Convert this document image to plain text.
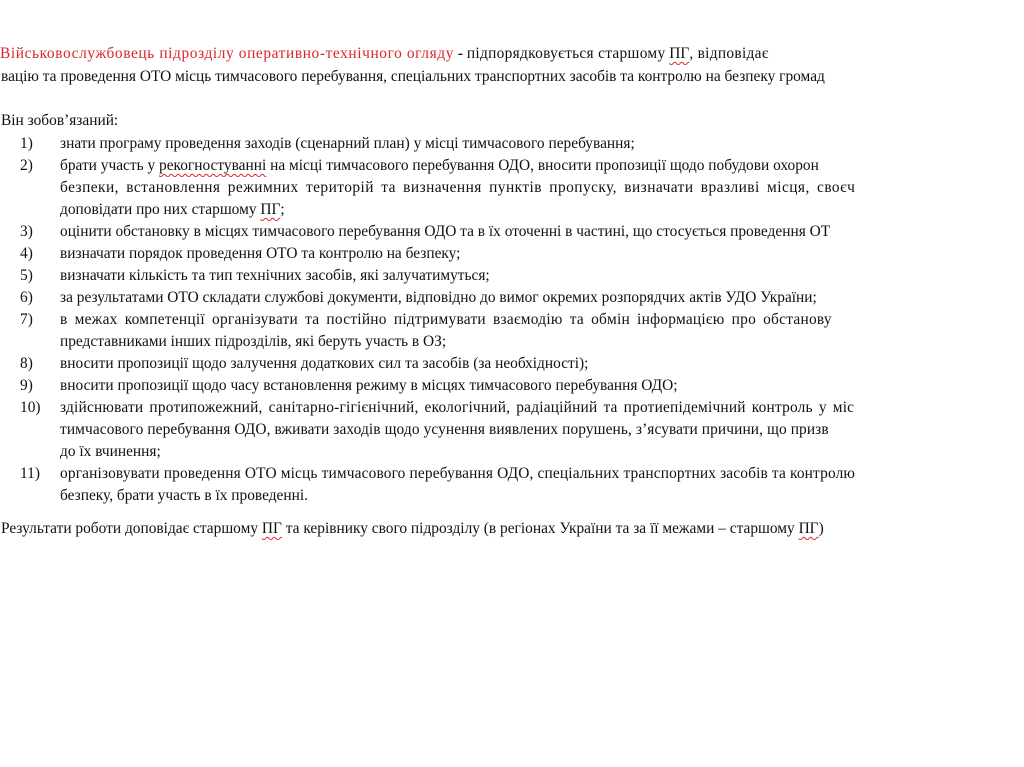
Військовослужбовець підрозділу оперативно-технічного огляду - підпорядковується старшому ПГ, відповідає
вацію та проведення ОТО місць тимчасового перебування, спеціальних транспортних засобів та контролю на безпеку громад
Він зобов’язаний:
1)	знати програму проведення заходів (сценарний план) у місці тимчасового перебування;
2)	брати участь у рекогностуванні на місці тимчасового перебування ОДО, вносити пропозиції щодо побудови охорон
безпеки, встановлення режимних територій та визначення пунктів пропуску, визначати вразливі місця, своєч
доповідати про них старшому ПГ;
3)	оцінити обстановку в місцях тимчасового перебування ОДО та в їх оточенні в частині, що стосується проведення ОТ
4)	визначати порядок проведення ОТО та контролю на безпеку;
5)	визначати кількість та тип технічних засобів, які залучатимуться;
6)	за результатами ОТО складати службові документи, відповідно до вимог окремих розпорядчих актів УДО України;
7)	в межах компетенції організувати та постійно підтримувати взаємодію та обмін інформацією про обстанову
представниками інших підрозділів, які беруть участь в ОЗ;
8)	вносити пропозиції щодо залучення додаткових сил та засобів (за необхідності);
9)	вносити пропозиції щодо часу встановлення режиму в місцях тимчасового перебування ОДО;
10)	здійснювати протипожежний, санітарно-гігієнічний, екологічний, радіаційний та протиепідемічний контроль у міс
тимчасового перебування ОДО, вживати заходів щодо усунення виявлених порушень, з’ясувати причини, що призв
до їх вчинення;
11)	організовувати проведення ОТО місць тимчасового перебування ОДО, спеціальних транспортних засобів та контролю
безпеку, брати участь в їх проведенні.
Результати роботи доповідає старшому ПГ та керівнику свого підрозділу (в регіонах України та за її межами – старшому ПГ)
